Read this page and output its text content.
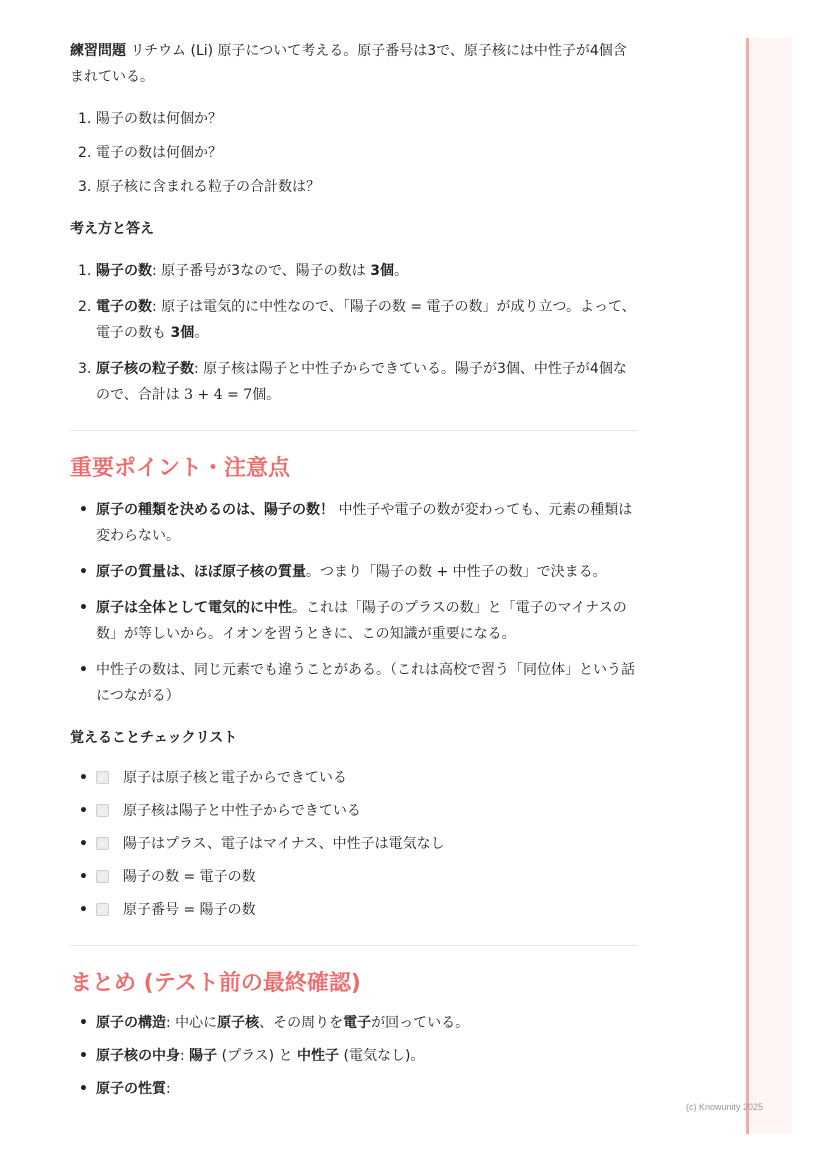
練習問題 リチウム (Li) 原子について考える。原子番号は3で、原子核には中性子が4個含まれている。

1. 陽子の数は何個か？
2. 電子の数は何個か？
3. 原子核に含まれる粒子の合計数は？
考え方と答え
1. 陽子の数: 原子番号が3なので、陽子の数は 3個。
2. 電子の数: 原子は電気的に中性なので、「陽子の数 = 電子の数」が成り立つ。よって、電子の数も 3個。
3. 原子核の粒子数: 原子核は陽子と中性子からできている。陽子が3個、中性子が4個なので、合計は 3 + 4 = 7個。
重要ポイント・注意点
• 原子の種類を決めるのは、陽子の数！ 中性子や電子の数が変わっても、元素の種類は変わらない。
• 原子の質量は、ほぼ原子核の質量。つまり「陽子の数 + 中性子の数」で決まる。
• 原子は全体として電気的に中性。これは「陽子のプラスの数」と「電子のマイナスの数」が等しいから。イオンを習うときに、この知識が重要になる。
• 中性子の数は、同じ元素でも違うことがある。（これは高校で習う「同位体」という話につながる）
覚えることチェックリスト
✓• 原子は原子核と電子からできている
✓• 原子核は陽子と中性子からできている
✓• 陽子はプラス、電子はマイナス、中性子は電気なし
✓• 陽子の数 = 電子の数
✓• 原子番号 = 陽子の数
まとめ (テスト前の最終確認)
• 原子の構造: 中心に原子核、その周りを電子が回っている。
• 原子核の中身: 陽子 (プラス) と 中性子 (電気なし)。
• 原子の性質:
(c) Knowunity 2025
